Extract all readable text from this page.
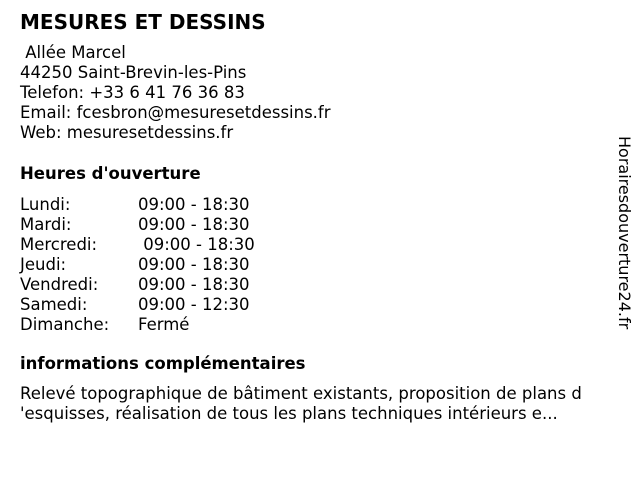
MESURES ET DESSINS
Allée Marcel
44250 Saint-Brevin-les-Pins
Telefon: +33 6 41 76 36 83
Email: fcesbron@mesuresetdessins.fr
Web: mesuresetdessins.fr
Heures d'ouverture
Lundi:	09:00 - 18:30
Mardi:	09:00 - 18:30
Mercredi: 09:00 - 18:30
Jeudi:	09:00 - 18:30
Vendredi: 09:00 - 18:30
Samedi:	09:00 - 12:30
Dimanche: Fermé
informations complémentaires
Relevé topographique de bâtiment existants, proposition de plans d
'esquisses, réalisation de tous les plans techniques intérieurs e...
Horairesdouverture24.fr
